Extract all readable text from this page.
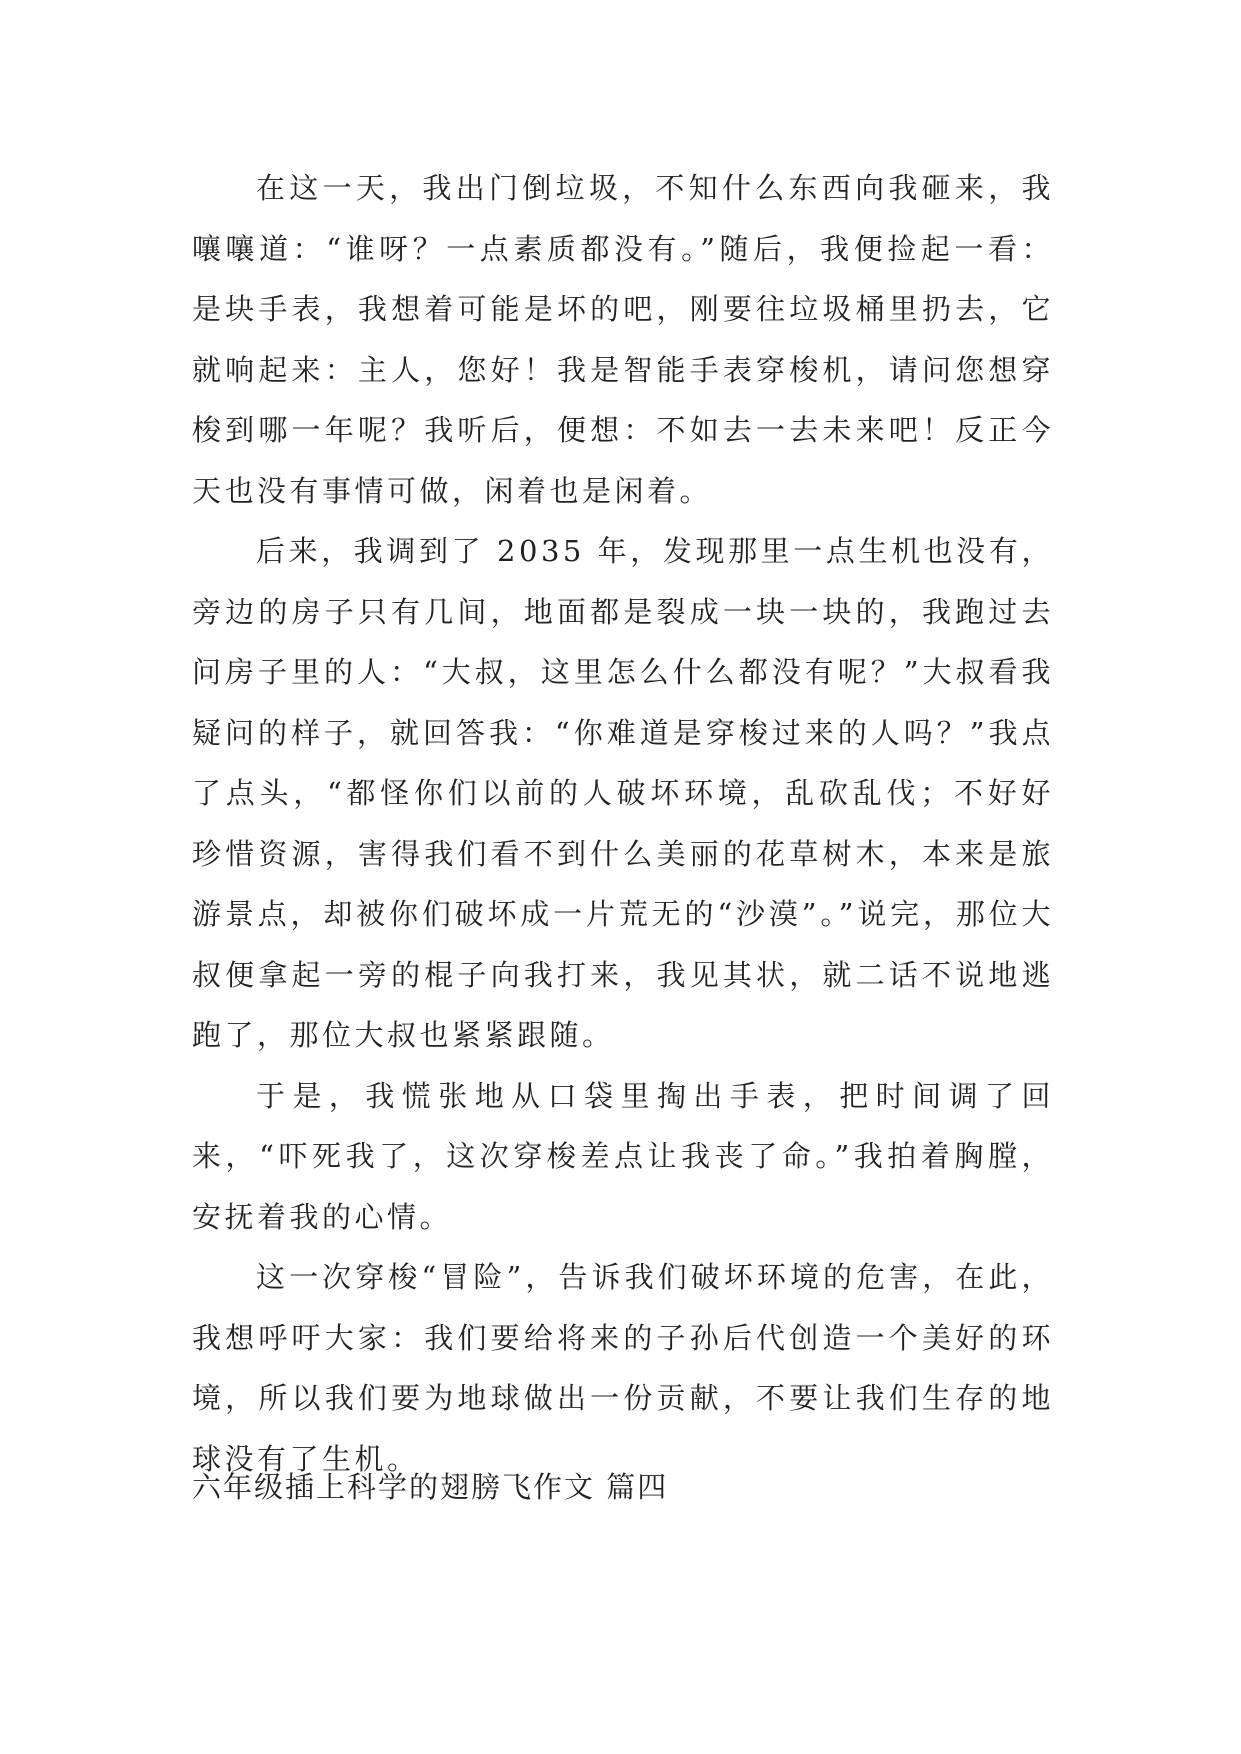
在这一天，我出门倒垃圾，不知什么东西向我砸来，我嚷嚷道：“谁呀？一点素质都没有。”随后，我便捡起一看：是块手表，我想着可能是坏的吧，刚要往垃圾桶里扔去，它就响起来：主人，您好！我是智能手表穿梭机，请问您想穿梭到哪一年呢？我听后，便想：不如去一去未来吧！反正今天也没有事情可做，闲着也是闲着。

后来，我调到了 2035 年，发现那里一点生机也没有，旁边的房子只有几间，地面都是裂成一块一块的，我跑过去问房子里的人：“大叔，这里怎么什么都没有呢？”大叔看我疑问的样子，就回答我：“你难道是穿梭过来的人吗？”我点了点头，“都怪你们以前的人破坏环境，乱砍乱伐；不好好珍惜资源，害得我们看不到什么美丽的花草树木，本来是旅游景点，却被你们破坏成一片荒无的“沙漠”。”说完，那位大叔便拿起一旁的棍子向我打来，我见其状，就二话不说地逃跑了，那位大叔也紧紧跟随。

于是，我慌张地从口袋里掏出手表，把时间调了回来，“吓死我了，这次穿梭差点让我丧了命。”我拍着胸膛，安抚着我的心情。

这一次穿梭“冒险”，告诉我们破坏环境的危害，在此，我想呼吁大家：我们要给将来的子孙后代创造一个美好的环境，所以我们要为地球做出一份贡献，不要让我们生存的地球没有了生机。

六年级插上科学的翅膀飞作文 篇四
